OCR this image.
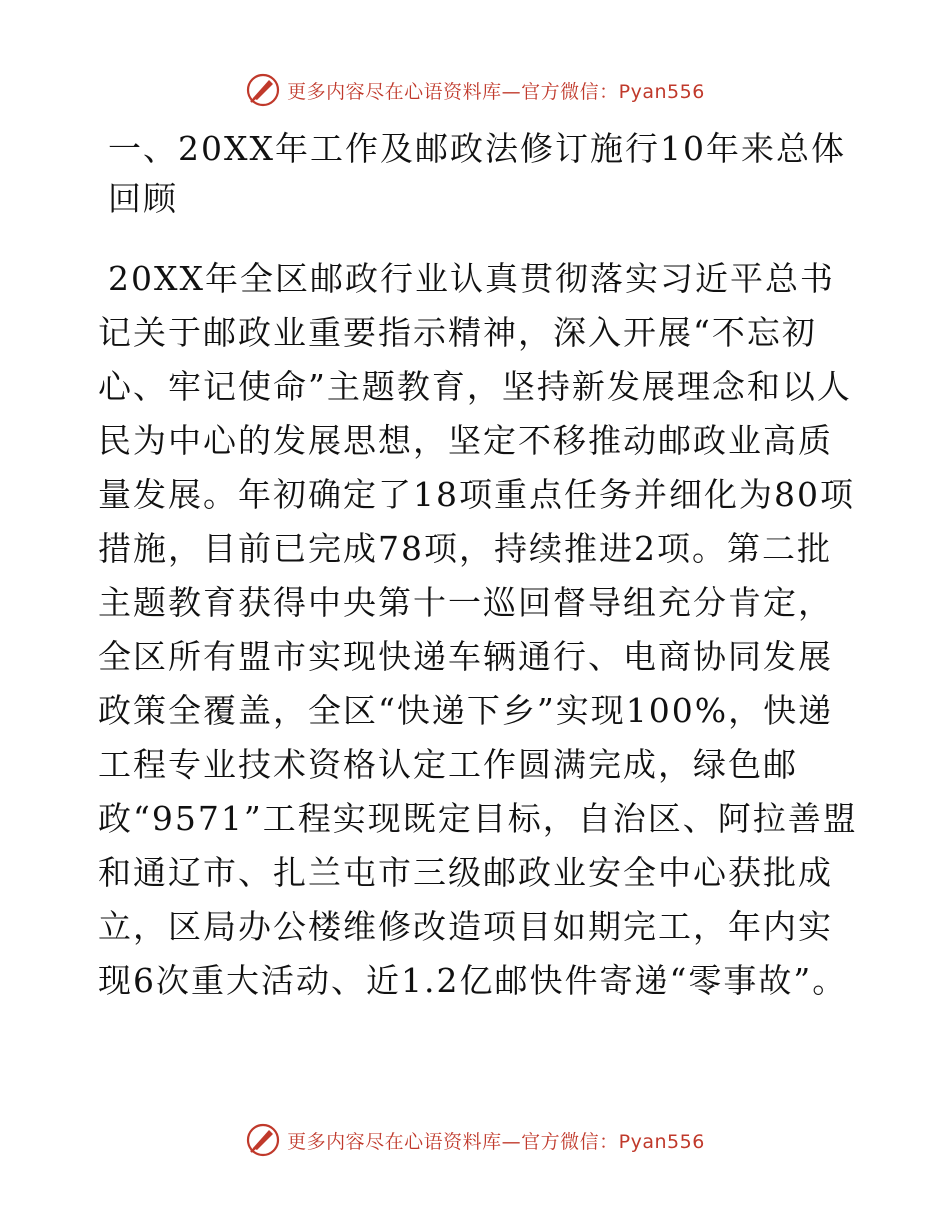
更多内容尽在心语资料库—官方微信：Pyan556
一、20XX年工作及邮政法修订施行10年来总体回顾

20XX年全区邮政行业认真贯彻落实习近平总书记关于邮政业重要指示精神，深入开展“不忘初心、牢记使命”主题教育，坚持新发展理念和以人民为中心的发展思想，坚定不移推动邮政业高质量发展。年初确定了18项重点任务并细化为80项措施，目前已完成78项，持续推进2项。第二批主题教育获得中央第十一巡回督导组充分肯定，全区所有盟市实现快递车辆通行、电商协同发展政策全覆盖，全区“快递下乡”实现100%，快递工程专业技术资格认定工作圆满完成，绿色邮政“9571”工程实现既定目标，自治区、阿拉善盟和通辽市、扎兰屯市三级邮政业安全中心获批成立，区局办公楼维修改造项目如期完工，年内实现6次重大活动、近1.2亿邮快件寄递“零事故”。

更多内容尽在心语资料库—官方微信：Pyan556
